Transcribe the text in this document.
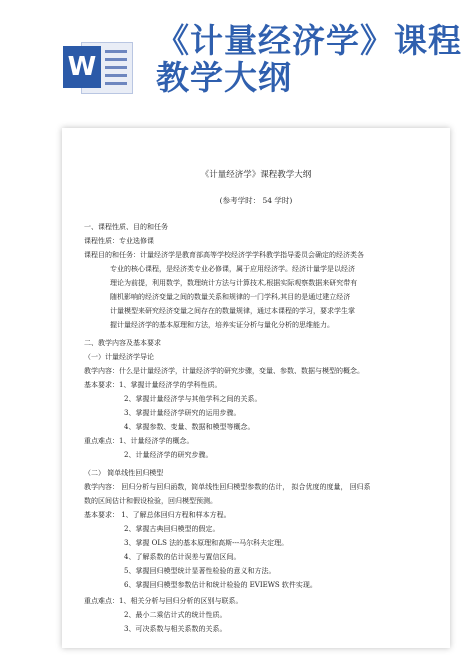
W
《计量经济学》课程教学大纲
《计量经济学》课程教学大纲
(参考学时： 54 学时)
一、课程性质、目的和任务
课程性质：专业选修课
课程目的和任务：计量经济学是教育部高等学校经济学学科教学指导委员会确定的经济类各
专业的核心课程，是经济类专业必修课，属于应用经济学。经济计量学是以经济
理论为前提，利用数学，数理统计方法与计算技术,根据实际观察数据来研究带有
随机影响的经济变量之间的数量关系和规律的一门学科,其目的是通过建立经济
计量模型来研究经济变量之间存在的数量规律，通过本课程的学习，要求学生掌
握计量经济学的基本原理和方法，培养实证分析与量化分析的思维能力。
二、教学内容及基本要求
（一）计量经济学导论
教学内容：什么是计量经济学，计量经济学的研究步骤，变量、参数、数据与模型的概念。
基本要求：1、掌握计量经济学的学科性质。
2、掌握计量经济学与其他学科之间的关系。
3、掌握计量经济学研究的运用步骤。
4、掌握参数、变量、数据和模型等概念。
重点难点：1、计量经济学的概念。
2、计量经济学的研究步骤。
（二） 简单线性回归模型
教学内容： 回归分析与回归函数，简单线性回归模型参数的估计， 拟合优度的度量， 回归系
数的区间估计和假设检验，回归模型预测。
基本要求： 1、了解总体回归方程和样本方程。
2、掌握古典回归模型的假定。
3、掌握 OLS 法的基本原理和高斯---马尔科夫定理。
4、了解系数的估计误差与置信区间。
5、掌握回归模型统计显著性检验的意义和方法。
6、掌握回归模型参数估计和统计检验的 EVIEWS 软件实现。
重点难点：1、相关分析与回归分析的区别与联系。
2、最小二乘估计式的统计性质。
3、可决系数与相关系数的关系。
